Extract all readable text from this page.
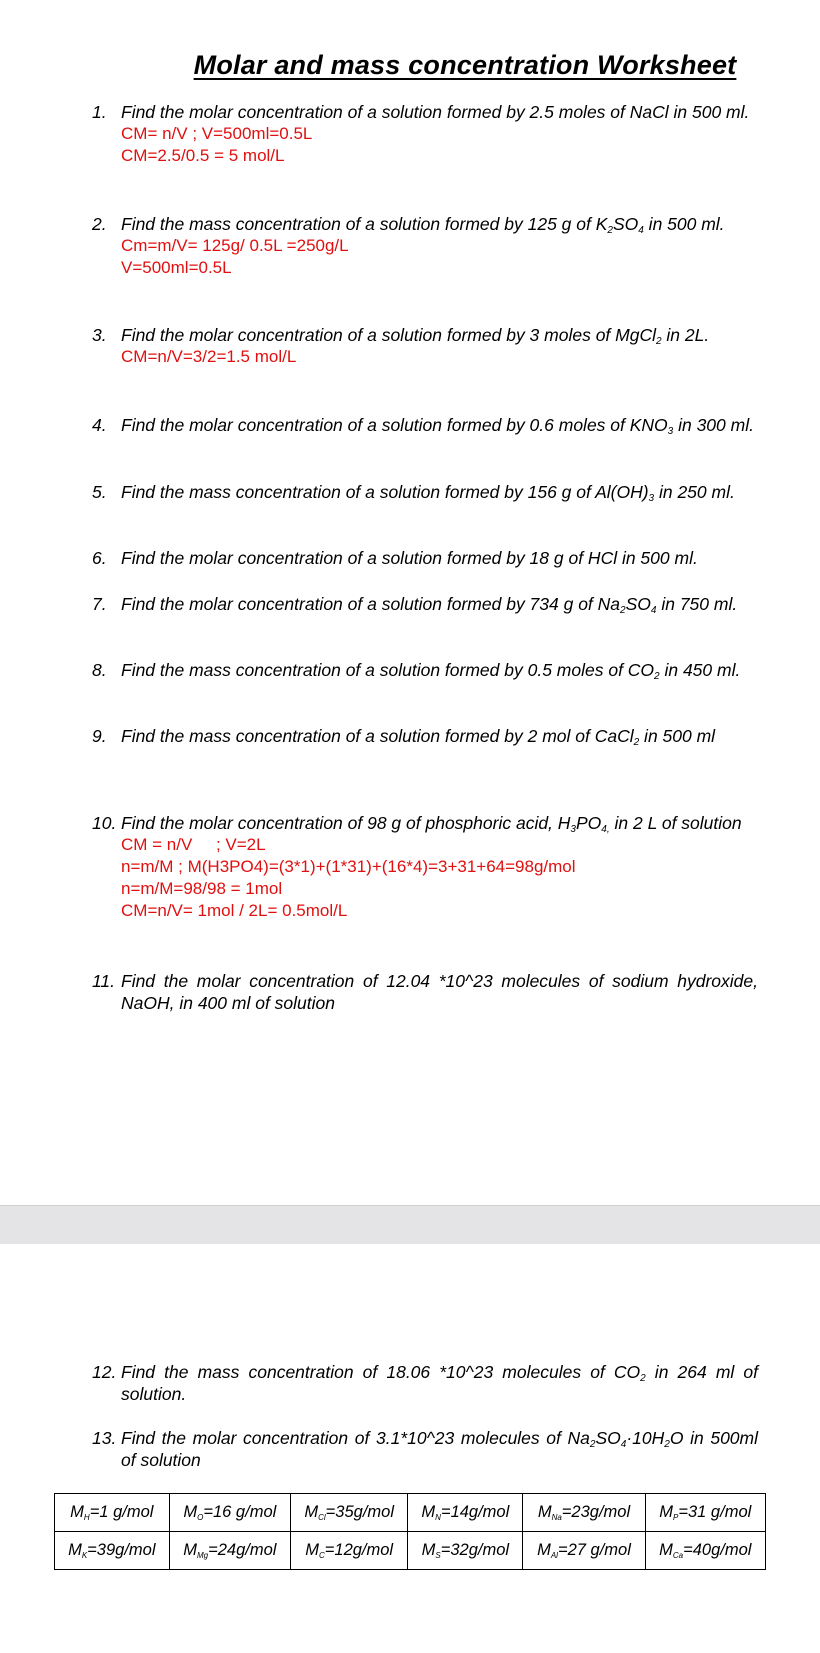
Molar and mass concentration Worksheet
1. Find the molar concentration of a solution formed by 2.5 moles of NaCl in 500 ml.
CM= n/V ; V=500ml=0.5L
CM=2.5/0.5 = 5 mol/L
2. Find the mass concentration of a solution formed by 125 g of $K_2SO_4$ in 500 ml.
Cm=m/V= 125g/ 0.5L =250g/L
V=500ml=0.5L
3. Find the molar concentration of a solution formed by 3 moles of MgCl$_2$ in 2L.
CM=n/V=3/2=1.5 mol/L
4. Find the molar concentration of a solution formed by 0.6 moles of $KNO_3$ in 300 ml.
5. Find the mass concentration of a solution formed by 156 g of $Al(OH)_3$ in 250 ml.
6. Find the molar concentration of a solution formed by 18 g of HCl in 500 ml.
7. Find the molar concentration of a solution formed by 734 g of $Na_2SO_4$ in 750 ml.
8. Find the mass concentration of a solution formed by 0.5 moles of $CO_2$ in 450 ml.
9. Find the mass concentration of a solution formed by 2 mol of CaCl$_2$ in 500 ml
10. Find the molar concentration of 98 g of phosphoric acid, $H_3PO_{4,}$ in 2 L of solution
CM = n/V     ; V=2L
n=m/M ; M(H3PO4)=(3*1)+(1*31)+(16*4)=3+31+64=98g/mol
n=m/M=98/98 = 1mol
CM=n/V= 1mol / 2L= 0.5mol/L
11. Find the molar concentration of 12.04 *10^23 molecules of sodium hydroxide, NaOH, in 400 ml of solution
12. Find the mass concentration of 18.06 *10^23 molecules of $CO_2$ in 264 ml of solution.
13. Find the molar concentration of 3.1*10^23 molecules of $Na_2SO_4\cdot 10H_2O$ in 500ml of solution
$M_H=1$ g/mol	$M_O=16$ g/mol	$M_{Cl}=35g$/mol	$M_N=14g$/mol	$M_{Na}=23g$/mol	$M_P=31$ g/mol
$M_K=39g$/mol	$M_{Mg}=24g$/mol	$M_C=12g$/mol	$M_S=32g$/mol	$M_{Al}=27$ g/mol	$M_{Ca}=40g$/mol
